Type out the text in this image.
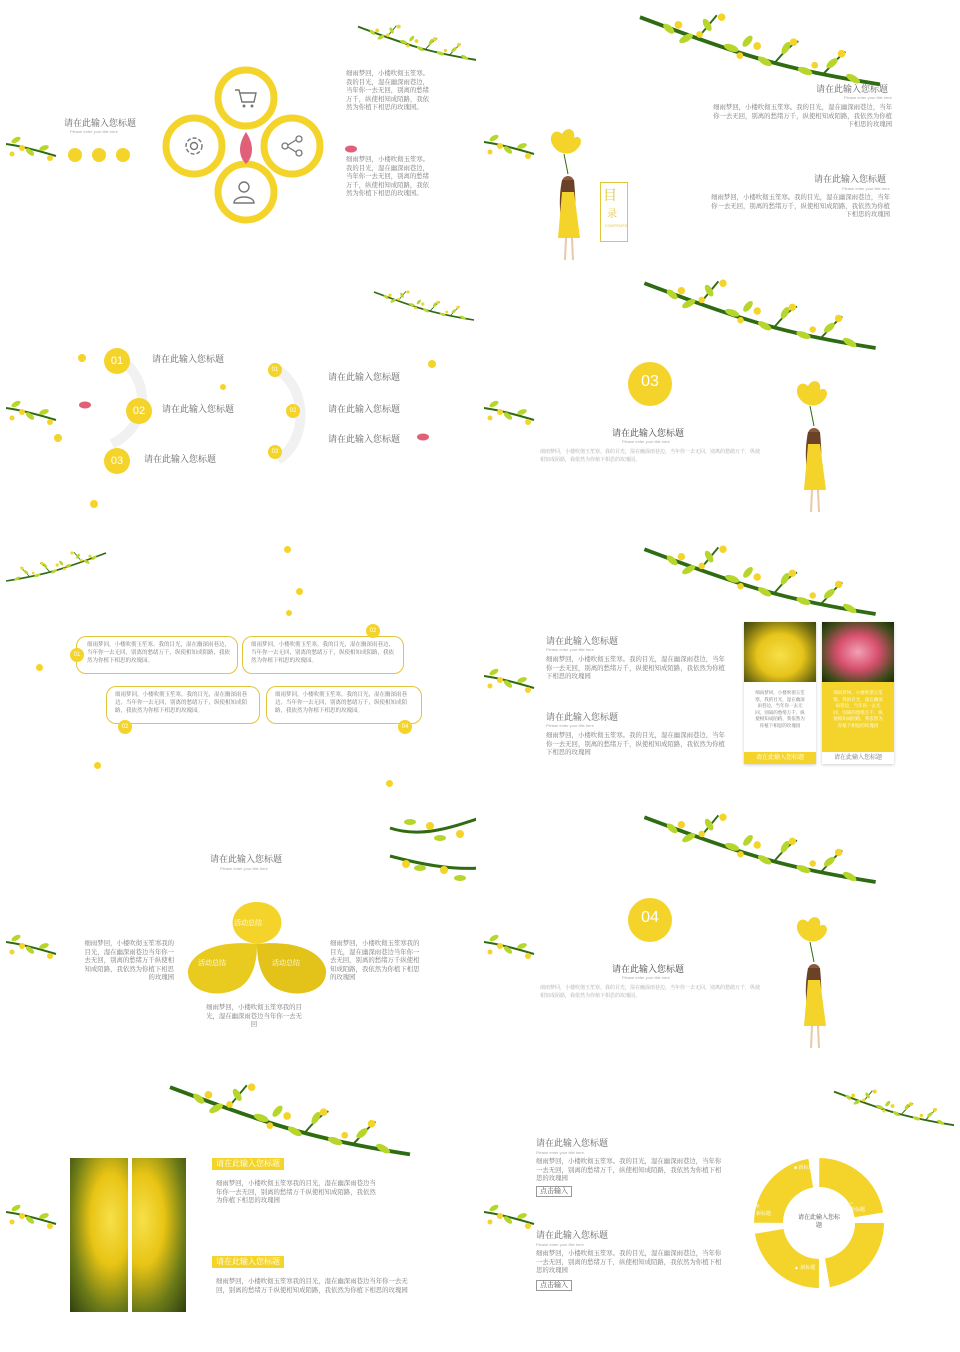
请在此输入您标题
Please enter your title here
细雨梦回，小楼吹彻玉笙寒。我的目光，湿在幽深雨巷边，当年你一去无回，别离的愁绪万千，纵使相知成陌路，我依然为你植下相思的玫瑰园。
细雨梦回，小楼吹彻玉笙寒。我的目光，湿在幽深雨巷边，当年你一去无回，别离的愁绪万千，纵使相知成陌路，我依然为你植下相思的玫瑰园。	目
录
CONTENTS
请在此输入您标题
Please enter your title here
细雨梦回，小楼吹彻玉笙寒。我的目光，湿在幽深雨巷边，当年你一去无回，别离的愁绪万千，纵使相知成陌路，我依然为你植下相思的玫瑰园
请在此输入您标题
Please enter your title here
细雨梦回，小楼吹彻玉笙寒。我的目光，湿在幽深雨巷边，当年你一去无回，别离的愁绪万千，纵使相知成陌路，我依然为你植下相思的玫瑰园
01	请在此输入您标题
02	请在此输入您标题
03	请在此输入您标题
01
请在此输入您标题
02	请在此输入您标题
03
请在此输入您标题
03
请在此输入您标题
Please enter your title here
细雨梦回，小楼吹彻玉笙寒。我的目光，湿在幽深雨巷边，当年你一去无回，别离的愁绪万千，纵使相知成陌路，我依然为你植下相思的玫瑰园。
细雨梦回，小楼吹彻玉笙寒。我的目光，湿在幽深雨巷边，当年你一去无回，别离的愁绪万千，纵使相知成陌路，我依然为你植下相思的玫瑰园。
01
细雨梦回，小楼吹彻玉笙寒。我的目光，湿在幽深雨巷边，当年你一去无回，别离的愁绪万千，纵使相知成陌路，我依然为你植下相思的玫瑰园。
02
细雨梦回，小楼吹彻玉笙寒。我的目光，湿在幽深雨巷边，当年你一去无回，别离的愁绪万千，纵使相知成陌路，我依然为你植下相思的玫瑰园。
02
细雨梦回，小楼吹彻玉笙寒。我的目光，湿在幽深雨巷边，当年你一去无回，别离的愁绪万千，纵使相知成陌路，我依然为你植下相思的玫瑰园。
04
请在此输入您标题
Please enter your title here
细雨梦回，小楼吹彻玉笙寒。我的目光，湿在幽深雨巷边，当年你一去无回，别离的愁绪万千，纵使相知成陌路，我依然为你植下相思的玫瑰园
请在此输入您标题
Please enter your title here
细雨梦回，小楼吹彻玉笙寒。我的目光，湿在幽深雨巷边，当年你一去无回，别离的愁绪万千，纵使相知成陌路，我依然为你植下相思的玫瑰园
细雨梦回，小楼吹彻玉笙寒。我的目光，湿在幽深雨巷边，当年你一去无回，别离的愁绪万千，纵使相知成陌路，我依然为你植下相思的玫瑰园
请在此输入您标题
细雨梦回，小楼吹彻玉笙寒。我的目光，湿在幽深雨巷边，当年你一去无回，别离的愁绪万千，纵使相知成陌路，我依然为你植下相思的玫瑰园
请在此输入您标题
请在此输入您标题
Please enter your title here
活动总结
活动总结	活动总结
细雨梦回，小楼吹彻玉笙寒我的目光，湿在幽深雨巷边当年你一去无回，别离的愁绪万千纵使相知成陌路，我依然为你植下相思的玫瑰园
细雨梦回，小楼吹彻玉笙寒我的目光，湿在幽深雨巷边当年你一去无回，别离的愁绪万千纵使相知成陌路，我依然为你植下相思的玫瑰园
细雨梦回，小楼吹彻玉笙寒我的目光，湿在幽深雨巷边当年你一去无回
04
请在此输入您标题
Please enter your title here
细雨梦回，小楼吹彻玉笙寒。我的目光，湿在幽深雨巷边，当年你一去无回，别离的愁绪万千，纵使相知成陌路，我依然为你植下相思的玫瑰园。
请在此输入您标题
细雨梦回，小楼吹彻玉笙寒我的目光，湿在幽深雨巷边当年你一去无回，别离的愁绪万千纵使相知成陌路，我依然为你植下相思的玫瑰园
请在此输入您标题
细雨梦回，小楼吹彻玉笙寒我的目光，湿在幽深雨巷边当年你一去无回，别离的愁绪万千纵使相知成陌路，我依然为你植下相思的玫瑰园
请在此输入您标题
Please enter your title here
细雨梦回，小楼吹彻玉笙寒。我的目光，湿在幽深雨巷边，当年你一去无回，别离的愁绪万千，纵使相知成陌路，我依然为你植下相思的玫瑰园
点击输入
请在此输入您标题
Please enter your title here
细雨梦回，小楼吹彻玉笙寒。我的目光，湿在幽深雨巷边，当年你一去无回，别离的愁绪万千，纵使相知成陌路，我依然为你植下相思的玫瑰园
点击输入
请在此输入您标题
■ 新标题
⌂
新标题
▲ 新标题
⚲
新标题
